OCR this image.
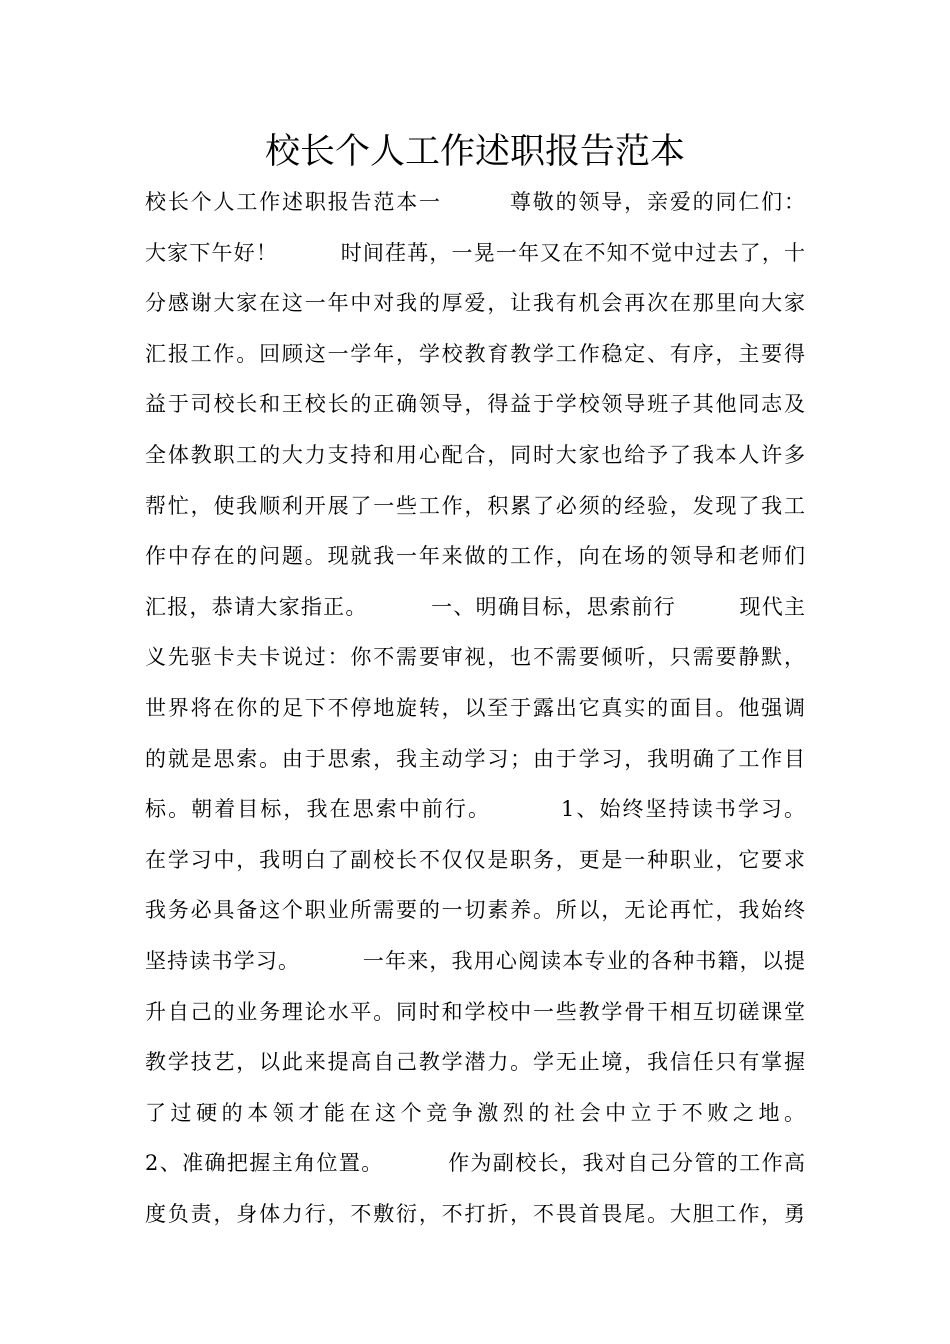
校长个人工作述职报告范本
校长个人工作述职报告范本一        尊敬的领导，亲爱的同仁们：
大家下午好！        时间荏苒，一晃一年又在不知不觉中过去了，十
分感谢大家在这一年中对我的厚爱，让我有机会再次在那里向大家
汇报工作。回顾这一学年，学校教育教学工作稳定、有序，主要得
益于司校长和王校长的正确领导，得益于学校领导班子其他同志及
全体教职工的大力支持和用心配合，同时大家也给予了我本人许多
帮忙，使我顺利开展了一些工作，积累了必须的经验，发现了我工
作中存在的问题。现就我一年来做的工作，向在场的领导和老师们
汇报，恭请大家指正。        一、明确目标，思索前行        现代主
义先驱卡夫卡说过：你不需要审视，也不需要倾听，只需要静默，
世界将在你的足下不停地旋转，以至于露出它真实的面目。他强调
的就是思索。由于思索，我主动学习；由于学习，我明确了工作目
标。朝着目标，我在思索中前行。        1、始终坚持读书学习。
在学习中，我明白了副校长不仅仅是职务，更是一种职业，它要求
我务必具备这个职业所需要的一切素养。所以，无论再忙，我始终
坚持读书学习。        一年来，我用心阅读本专业的各种书籍，以提
升自己的业务理论水平。同时和学校中一些教学骨干相互切磋课堂
教学技艺，以此来提高自己教学潜力。学无止境，我信任只有掌握
了过硬的本领才能在这个竞争激烈的社会中立于不败之地。
2、准确把握主角位置。        作为副校长，我对自己分管的工作高
度负责，身体力行，不敷衍，不打折，不畏首畏尾。大胆工作，勇
